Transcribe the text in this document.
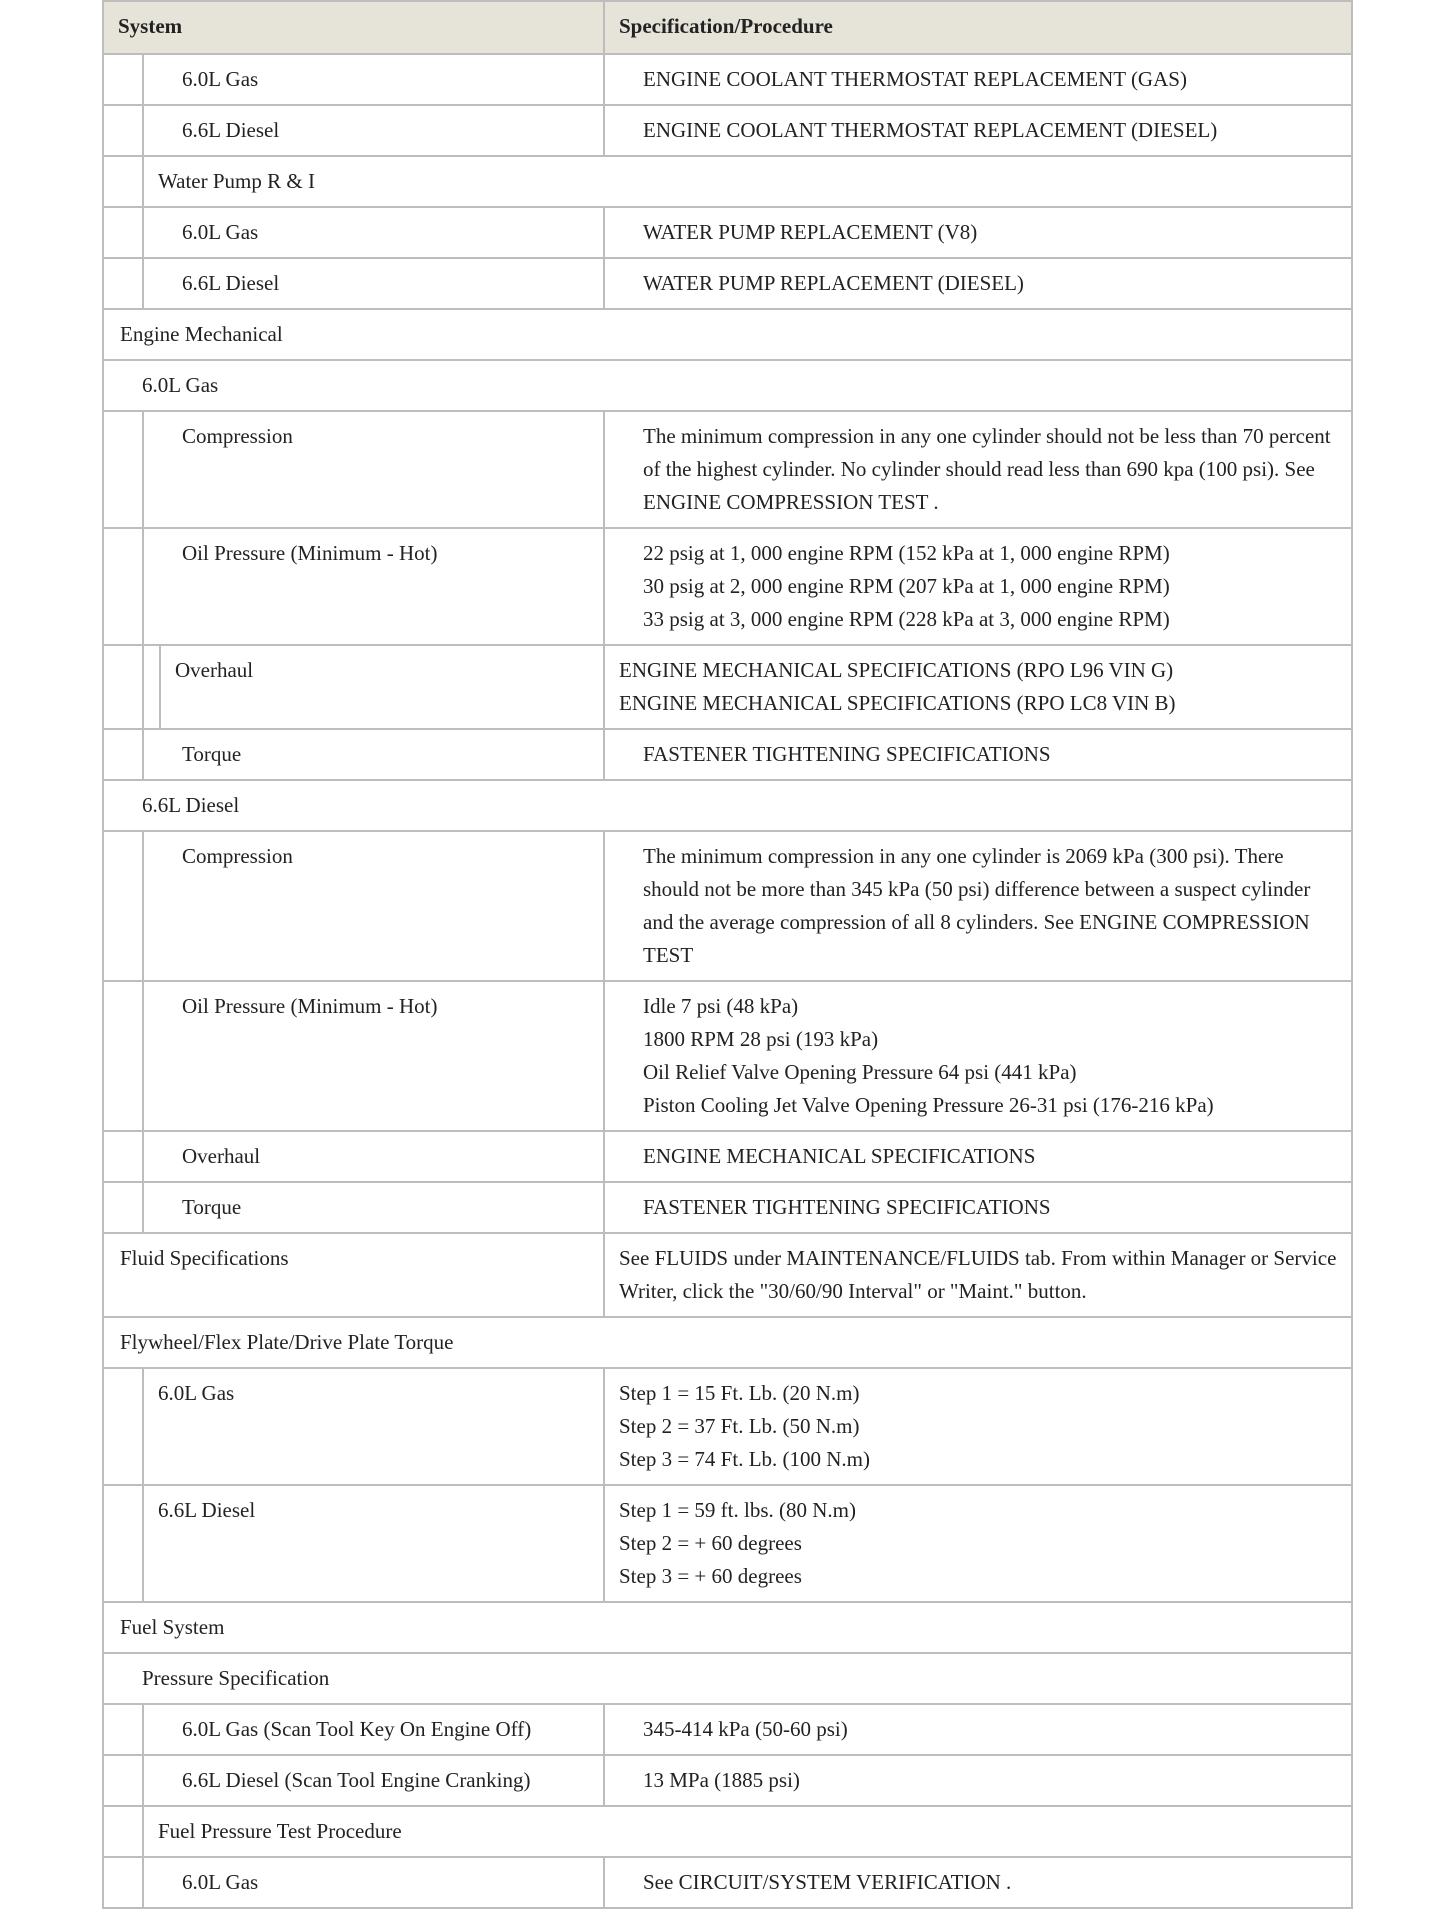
System			Specification/Procedure
	6.0L Gas		ENGINE COOLANT THERMOSTAT REPLACEMENT (GAS)

	6.6L Diesel		ENGINE COOLANT THERMOSTAT REPLACEMENT (DIESEL)

	Water Pump R & I		
	6.0L Gas		WATER PUMP REPLACEMENT (V8)

	6.6L Diesel		WATER PUMP REPLACEMENT (DIESEL)

Engine Mechanical			
6.0L Gas			
	Compression		The minimum compression in any one cylinder should not be less than 70 percent of the highest cylinder. No cylinder should read less than 690 kpa (100 psi). See ENGINE COMPRESSION TEST .

	Oil Pressure (Minimum - Hot)		22 psig at 1, 000 engine RPM (152 kPa at 1, 000 engine RPM)
30 psig at 2, 000 engine RPM (207 kPa at 1, 000 engine RPM)
33 psig at 3, 000 engine RPM (228 kPa at 3, 000 engine RPM)

		Overhaul	ENGINE MECHANICAL SPECIFICATIONS (RPO L96 VIN G)
ENGINE MECHANICAL SPECIFICATIONS (RPO LC8 VIN B)

	Torque		FASTENER TIGHTENING SPECIFICATIONS

6.6L Diesel			
	Compression		The minimum compression in any one cylinder is 2069 kPa (300 psi). There should not be more than 345 kPa (50 psi) difference between a suspect cylinder and the average compression of all 8 cylinders. See ENGINE COMPRESSION TEST

	Oil Pressure (Minimum - Hot)		Idle 7 psi (48 kPa)
1800 RPM 28 psi (193 kPa)
Oil Relief Valve Opening Pressure 64 psi (441 kPa)
Piston Cooling Jet Valve Opening Pressure 26-31 psi (176-216 kPa)

	Overhaul		ENGINE MECHANICAL SPECIFICATIONS

	Torque		FASTENER TIGHTENING SPECIFICATIONS

Fluid Specifications			See FLUIDS under MAINTENANCE/FLUIDS tab. From within Manager or Service Writer, click the "30/60/90 Interval" or "Maint." button.

Flywheel/Flex Plate/Drive Plate Torque			
	6.0L Gas		Step 1 = 15 Ft. Lb. (20 N.m)
Step 2 = 37 Ft. Lb. (50 N.m)
Step 3 = 74 Ft. Lb. (100 N.m)

	6.6L Diesel		Step 1 = 59 ft. lbs. (80 N.m)
Step 2 = + 60 degrees
Step 3 = + 60 degrees

Fuel System			
Pressure Specification			
	6.0L Gas (Scan Tool Key On Engine Off)		345-414 kPa (50-60 psi)

	6.6L Diesel (Scan Tool Engine Cranking)		13 MPa (1885 psi)

	Fuel Pressure Test Procedure		
	6.0L Gas		See CIRCUIT/SYSTEM VERIFICATION .
